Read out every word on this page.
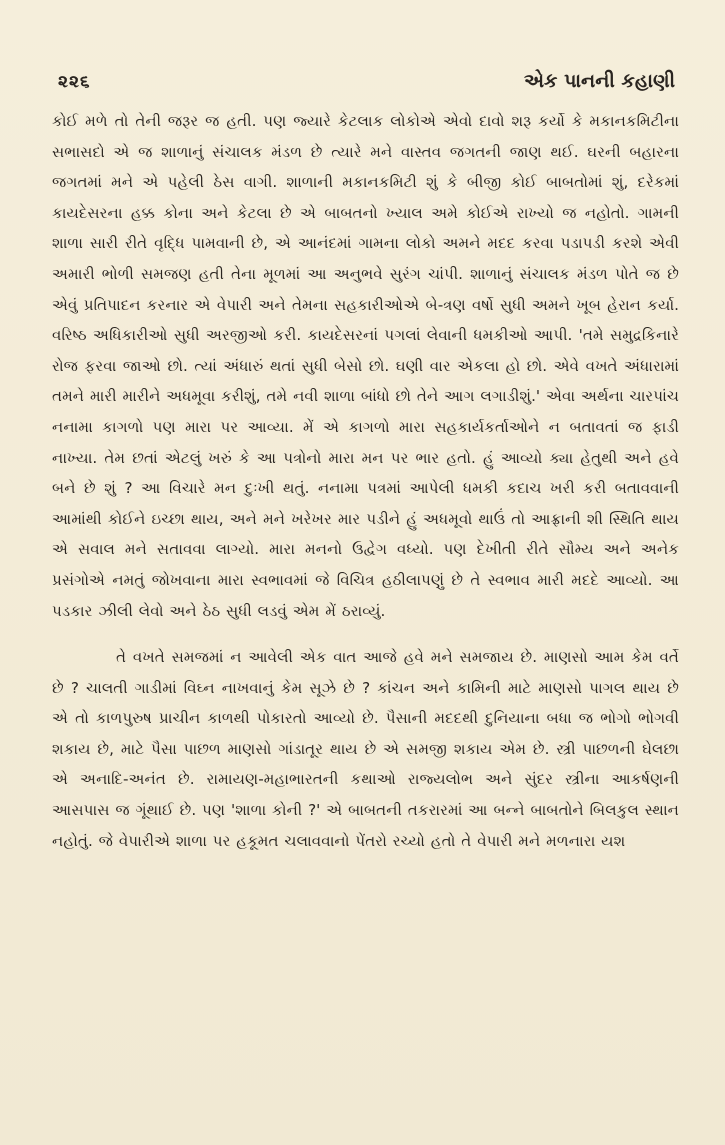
૨૨૬	એક પાનની કહાણી

કોઈ મળે તો તેની જરૂર જ હતી. પણ જ્યારે કેટલાક લોકોએ એવો દાવો શરૂ કર્યો કે મકાનકમિટીના સભાસદો એ જ શાળાનું સંચાલક મંડળ છે ત્યારે મને વાસ્તવ જગતની જાણ થઈ. ઘરની બહારના જગતમાં મને એ પહેલી ઠેસ વાગી. શાળાની મકાનકમિટી શું કે બીજી કોઈ બાબતોમાં શું, દરેકમાં કાયદેસરના હક્ક કોના અને કેટલા છે એ બાબતનો ખ્યાલ અમે કોઈએ રાખ્યો જ નહોતો. ગામની શાળા સારી રીતે વૃદ્ધિ પામવાની છે, એ આનંદમાં ગામના લોકો અમને મદદ કરવા પડાપડી કરશે એવી અમારી ભોળી સમજણ હતી તેના મૂળમાં આ અનુભવે સુરંગ ચાંપી. શાળાનું સંચાલક મંડળ પોતે જ છે એવું પ્રતિપાદન કરનાર એ વેપારી અને તેમના સહકારીઓએ બે-ત્રણ વર્ષો સુધી અમને ખૂબ હેરાન કર્યા. વરિષ્ઠ અધિકારીઓ સુધી અરજીઓ કરી. કાયદેસરનાં પગલાં લેવાની ધમકીઓ આપી. 'તમે સમુદ્રકિનારે રોજ ફરવા જાઓ છો. ત્યાં અંધારું થતાં સુધી બેસો છો. ઘણી વાર એકલા હો છો. એવે વખતે અંધારામાં તમને મારી મારીને અધમૂવા કરીશું, તમે નવી શાળા બાંધો છો તેને આગ લગાડીશું.' એવા અર્થના ચારપાંચ નનામા કાગળો પણ મારા પર આવ્યા. મેં એ કાગળો મારા સહકાર્યકર્તાઓને ન બતાવતાં જ ફાડી નાખ્યા. તેમ છતાં એટલું ખરું કે આ પત્રોનો મારા મન પર ભાર હતો. હું આવ્યો ક્યા હેતુથી અને હવે બને છે શું ? આ વિચારે મન દુઃખી થતું. નનામા પત્રમાં આપેલી ધમકી કદાચ ખરી કરી બતાવવાની આમાંથી કોઈને ઇચ્છા થાય, અને મને ખરેખર માર પડીને હું અધમૂવો થાઉં તો આફ્રાની શી સ્થિતિ થાય એ સવાલ મને સતાવવા લાગ્યો. મારા મનનો ઉદ્વેગ વધ્યો. પણ દેખીતી રીતે સૌમ્ય અને અનેક પ્રસંગોએ નમતું જોખવાના મારા સ્વભાવમાં જે વિચિત્ર હઠીલાપણું છે તે સ્વભાવ મારી મદદે આવ્યો. આ પડકાર ઝીલી લેવો અને ઠેઠ સુધી લડવું એમ મેં ઠરાવ્યું.

તે વખતે સમજમાં ન આવેલી એક વાત આજે હવે મને સમજાય છે. માણસો આમ કેમ વર્તે છે ? ચાલતી ગાડીમાં વિઘ્ન નાખવાનું કેમ સૂઝે છે ? કાંચન અને કામિની માટે માણસો પાગલ થાય છે એ તો કાળપુરુષ પ્રાચીન કાળથી પોકારતો આવ્યો છે. પૈસાની મદદથી દુનિયાના બધા જ ભોગો ભોગવી શકાય છે, માટે પૈસા પાછળ માણસો ગાંડાતૂર થાય છે એ સમજી શકાય એમ છે. સ્ત્રી પાછળની ઘેલછા એ અનાદિ-અનંત છે. રામાયણ-મહાભારતની કથાઓ રાજ્યલોભ અને સુંદર સ્ત્રીના આકર્ષણની આસપાસ જ ગૂંથાઈ છે. પણ 'શાળા કોની ?' એ બાબતની તકરારમાં આ બન્ને બાબતોને બિલકુલ સ્થાન નહોતું. જે વેપારીએ શાળા પર હકૂમત ચલાવવાનો પેંતરો રચ્યો હતો તે વેપારી મને મળનારા યશ
